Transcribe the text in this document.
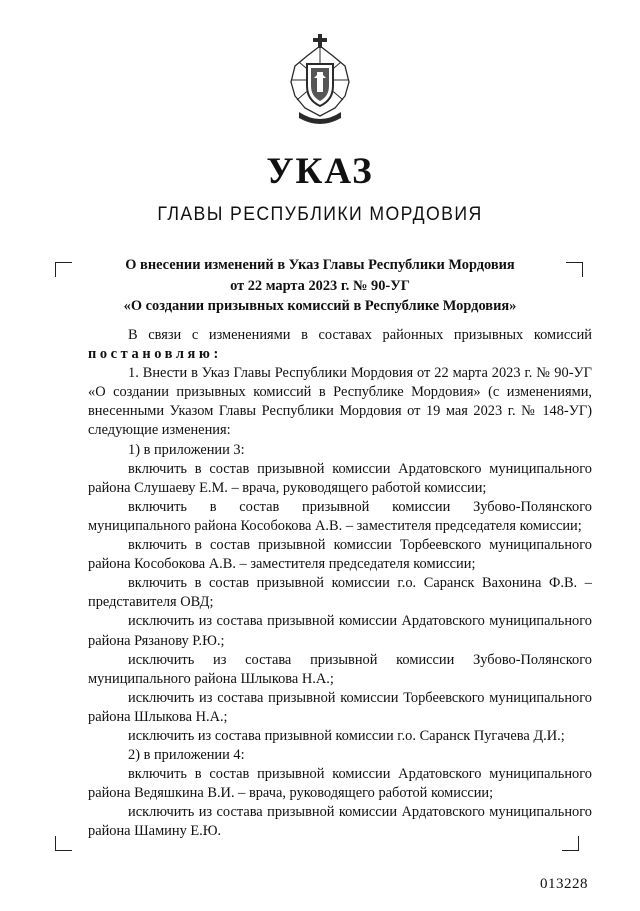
УКАЗ
ГЛАВЫ РЕСПУБЛИКИ МОРДОВИЯ
О внесении изменений в Указ Главы Республики Мордовия
от 22 марта 2023 г. № 90-УГ
«О создании призывных комиссий в Республике Мордовия»

В связи с изменениями в составах районных призывных комиссий

постановляю:

1. Внести в Указ Главы Республики Мордовия от 22 марта 2023 г. № 90-УГ «О создании призывных комиссий в Республике Мордовия» (с изменениями, внесенными Указом Главы Республики Мордовия от 19 мая 2023 г. № 148-УГ) следующие изменения:

1) в приложении 3:

включить в состав призывной комиссии Ардатовского муниципального района Слушаеву Е.М. – врача, руководящего работой комиссии;

включить в состав призывной комиссии Зубово-Полянского муниципального района Кособокова А.В. – заместителя председателя комиссии;

включить в состав призывной комиссии Торбеевского муниципального района Кособокова А.В. – заместителя председателя комиссии;

включить в состав призывной комиссии г.о. Саранск Вахонина Ф.В. – представителя ОВД;

исключить из состава призывной комиссии Ардатовского муниципального района Рязанову Р.Ю.;

исключить из состава призывной комиссии Зубово-Полянского муниципального района Шлыкова Н.А.;

исключить из состава призывной комиссии Торбеевского муниципального района Шлыкова Н.А.;

исключить из состава призывной комиссии г.о. Саранск Пугачева Д.И.;

2) в приложении 4:

включить в состав призывной комиссии Ардатовского муниципального района Ведяшкина В.И. – врача, руководящего работой комиссии;

исключить из состава призывной комиссии Ардатовского муниципального района Шамину Е.Ю.

013228
